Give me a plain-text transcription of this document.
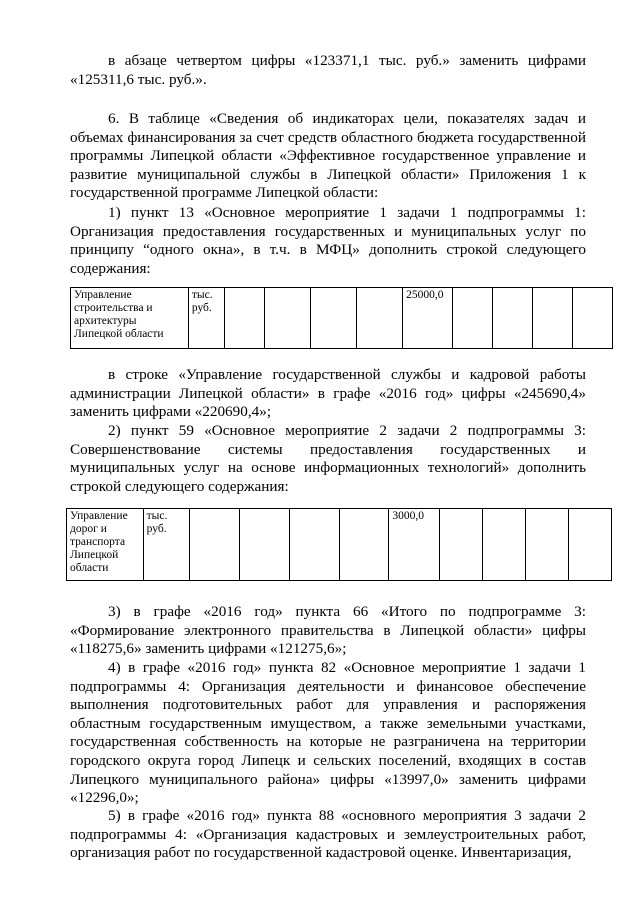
в абзаце четвертом цифры «123371,1 тыс. руб.» заменить цифрами «125311,6 тыс. руб.».

6. В таблице «Сведения об индикаторах цели, показателях задач и объемах финансирования за счет средств областного бюджета государственной программы Липецкой области «Эффективное государственное управление и развитие муниципальной службы в Липецкой области» Приложения 1 к государственной программе Липецкой области:

1) пункт 13 «Основное мероприятие 1 задачи 1 подпрограммы 1: Организация предоставления государственных и муниципальных услуг по принципу “одного окна», в т.ч. в МФЦ» дополнить строкой следующего содержания:

Управление строительства и архитектуры Липецкой области	тыс. руб.					25000,0				

в строке «Управление государственной службы и кадровой работы администрации Липецкой области» в графе «2016 год» цифры «245690,4» заменить цифрами «220690,4»;

2) пункт 59 «Основное мероприятие 2 задачи 2 подпрограммы 3: Совершенствование системы предоставления государственных и муниципальных услуг на основе информационных технологий» дополнить строкой следующего содержания:

Управление дорог и транспорта Липецкой области	тыс. руб.					3000,0				

3) в графе «2016 год» пункта 66 «Итого по подпрограмме 3: «Формирование электронного правительства в Липецкой области» цифры «118275,6» заменить цифрами «121275,6»;

4) в графе «2016 год» пункта 82 «Основное мероприятие 1 задачи 1 подпрограммы 4: Организация деятельности и финансовое обеспечение выполнения подготовительных работ для управления и распоряжения областным государственным имуществом, а также земельными участками, государственная собственность на которые не разграничена на территории городского округа город Липецк и сельских поселений, входящих в состав Липецкого муниципального района» цифры «13997,0» заменить цифрами «12296,0»;

5) в графе «2016 год» пункта 88 «основного мероприятия 3 задачи 2 подпрограммы 4: «Организация кадастровых и землеустроительных работ, организация работ по государственной кадастровой оценке. Инвентаризация,
